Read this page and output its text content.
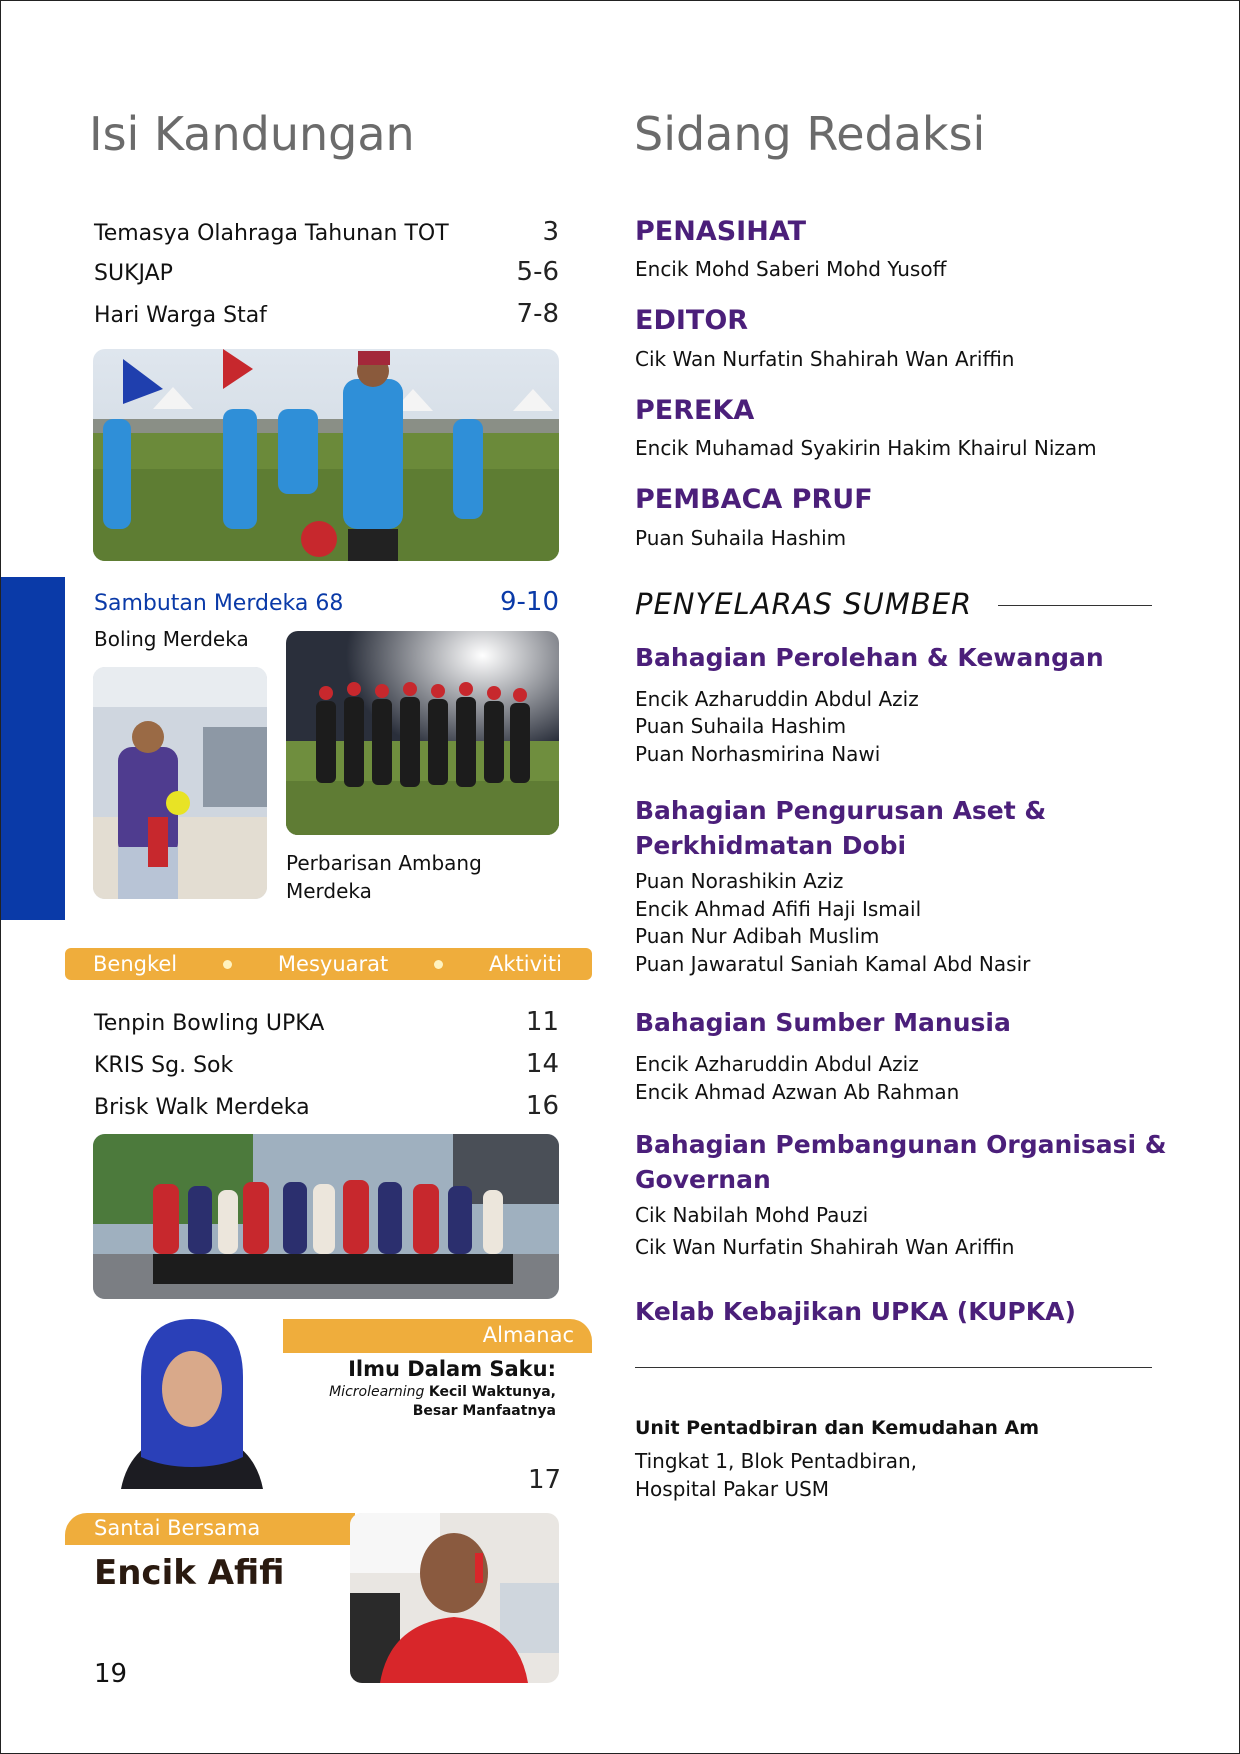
Isi Kandungan
Temasya Olahraga Tahunan TOT	3
SUKJAP	5-6
Hari Warga Staf	7-8
Sambutan Merdeka 68	9-10
Boling Merdeka
Perbarisan Ambang Merdeka
Bengkel	Mesyuarat	Aktiviti
Tenpin Bowling UPKA	11
KRIS Sg. Sok	14
Brisk Walk Merdeka	16
Almanac
Ilmu Dalam Saku:
Microlearning Kecil Waktunya,
Besar Manfaatnya
17
Santai Bersama
Encik Afifi
19
Sidang Redaksi
PENASIHAT
Encik Mohd Saberi Mohd Yusoff
EDITOR
Cik Wan Nurfatin Shahirah Wan Ariffin
PEREKA
Encik Muhamad Syakirin Hakim Khairul Nizam
PEMBACA PRUF
Puan Suhaila Hashim
PENYELARAS SUMBER
Bahagian Perolehan & Kewangan
Encik Azharuddin Abdul Aziz
Puan Suhaila Hashim
Puan Norhasmirina Nawi
Bahagian Pengurusan Aset &
Perkhidmatan Dobi
Puan Norashikin Aziz
Encik Ahmad Afifi Haji Ismail
Puan Nur Adibah Muslim
Puan Jawaratul Saniah Kamal Abd Nasir
Bahagian Sumber Manusia
Encik Azharuddin Abdul Aziz
Encik Ahmad Azwan Ab Rahman
Bahagian Pembangunan Organisasi &
Governan
Cik Nabilah Mohd Pauzi
Cik Wan Nurfatin Shahirah Wan Ariffin
Kelab Kebajikan UPKA (KUPKA)
Unit Pentadbiran dan Kemudahan Am
Tingkat 1, Blok Pentadbiran,
Hospital Pakar USM
